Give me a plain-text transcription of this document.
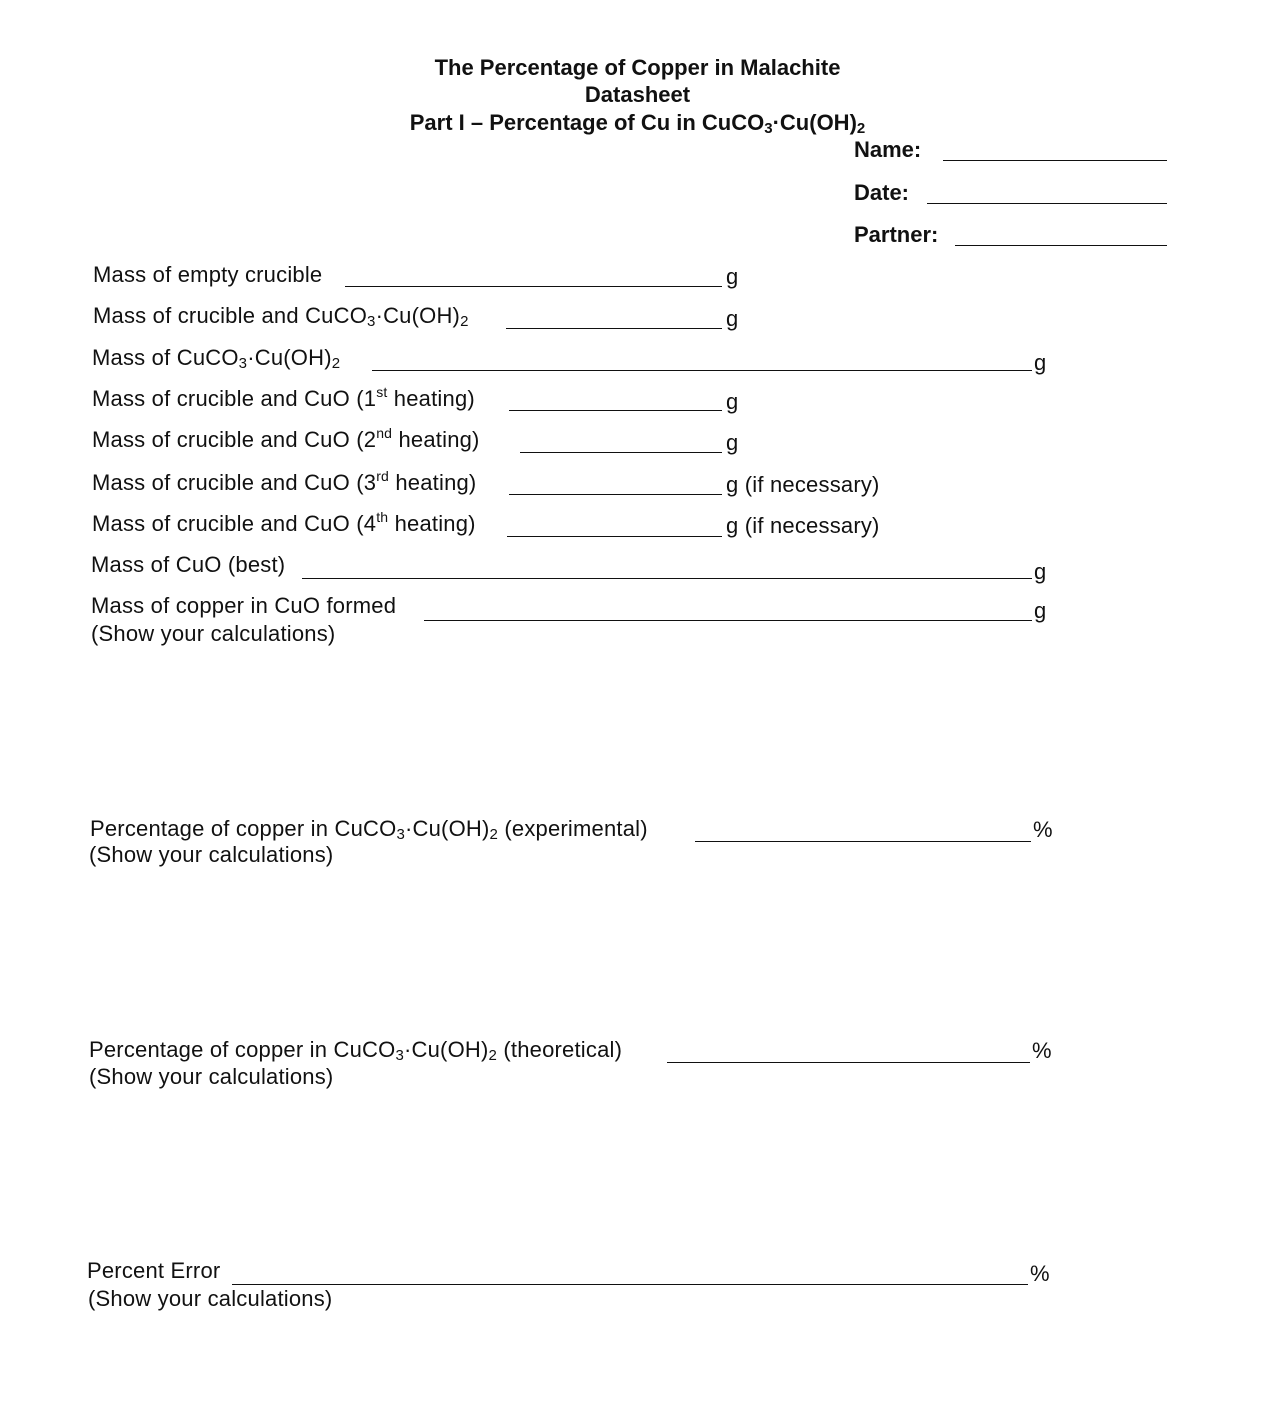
The Percentage of Copper in Malachite
Datasheet
Part I – Percentage of Cu in $CuCO_3\cdot Cu(OH)_2$
Name:
Date:
Partner:
Mass of empty crucible	g
Mass of crucible and $CuCO_3\cdot Cu(OH)_2$	g
Mass of $CuCO_3\cdot Cu(OH)_2$	g
Mass of crucible and CuO (1st heating)	g
Mass of crucible and CuO (2nd heating)	g
Mass of crucible and CuO (3rd heating)	g (if necessary)
Mass of crucible and CuO (4th heating)	g (if necessary)
Mass of CuO (best)	g
Mass of copper in CuO formed	g
(Show your calculations)
Percentage of copper in $CuCO_3\cdot Cu(OH)_2$ (experimental)	%
(Show your calculations)
Percentage of copper in $CuCO_3\cdot Cu(OH)_2$ (theoretical)	%
(Show your calculations)
Percent Error	%
(Show your calculations)
